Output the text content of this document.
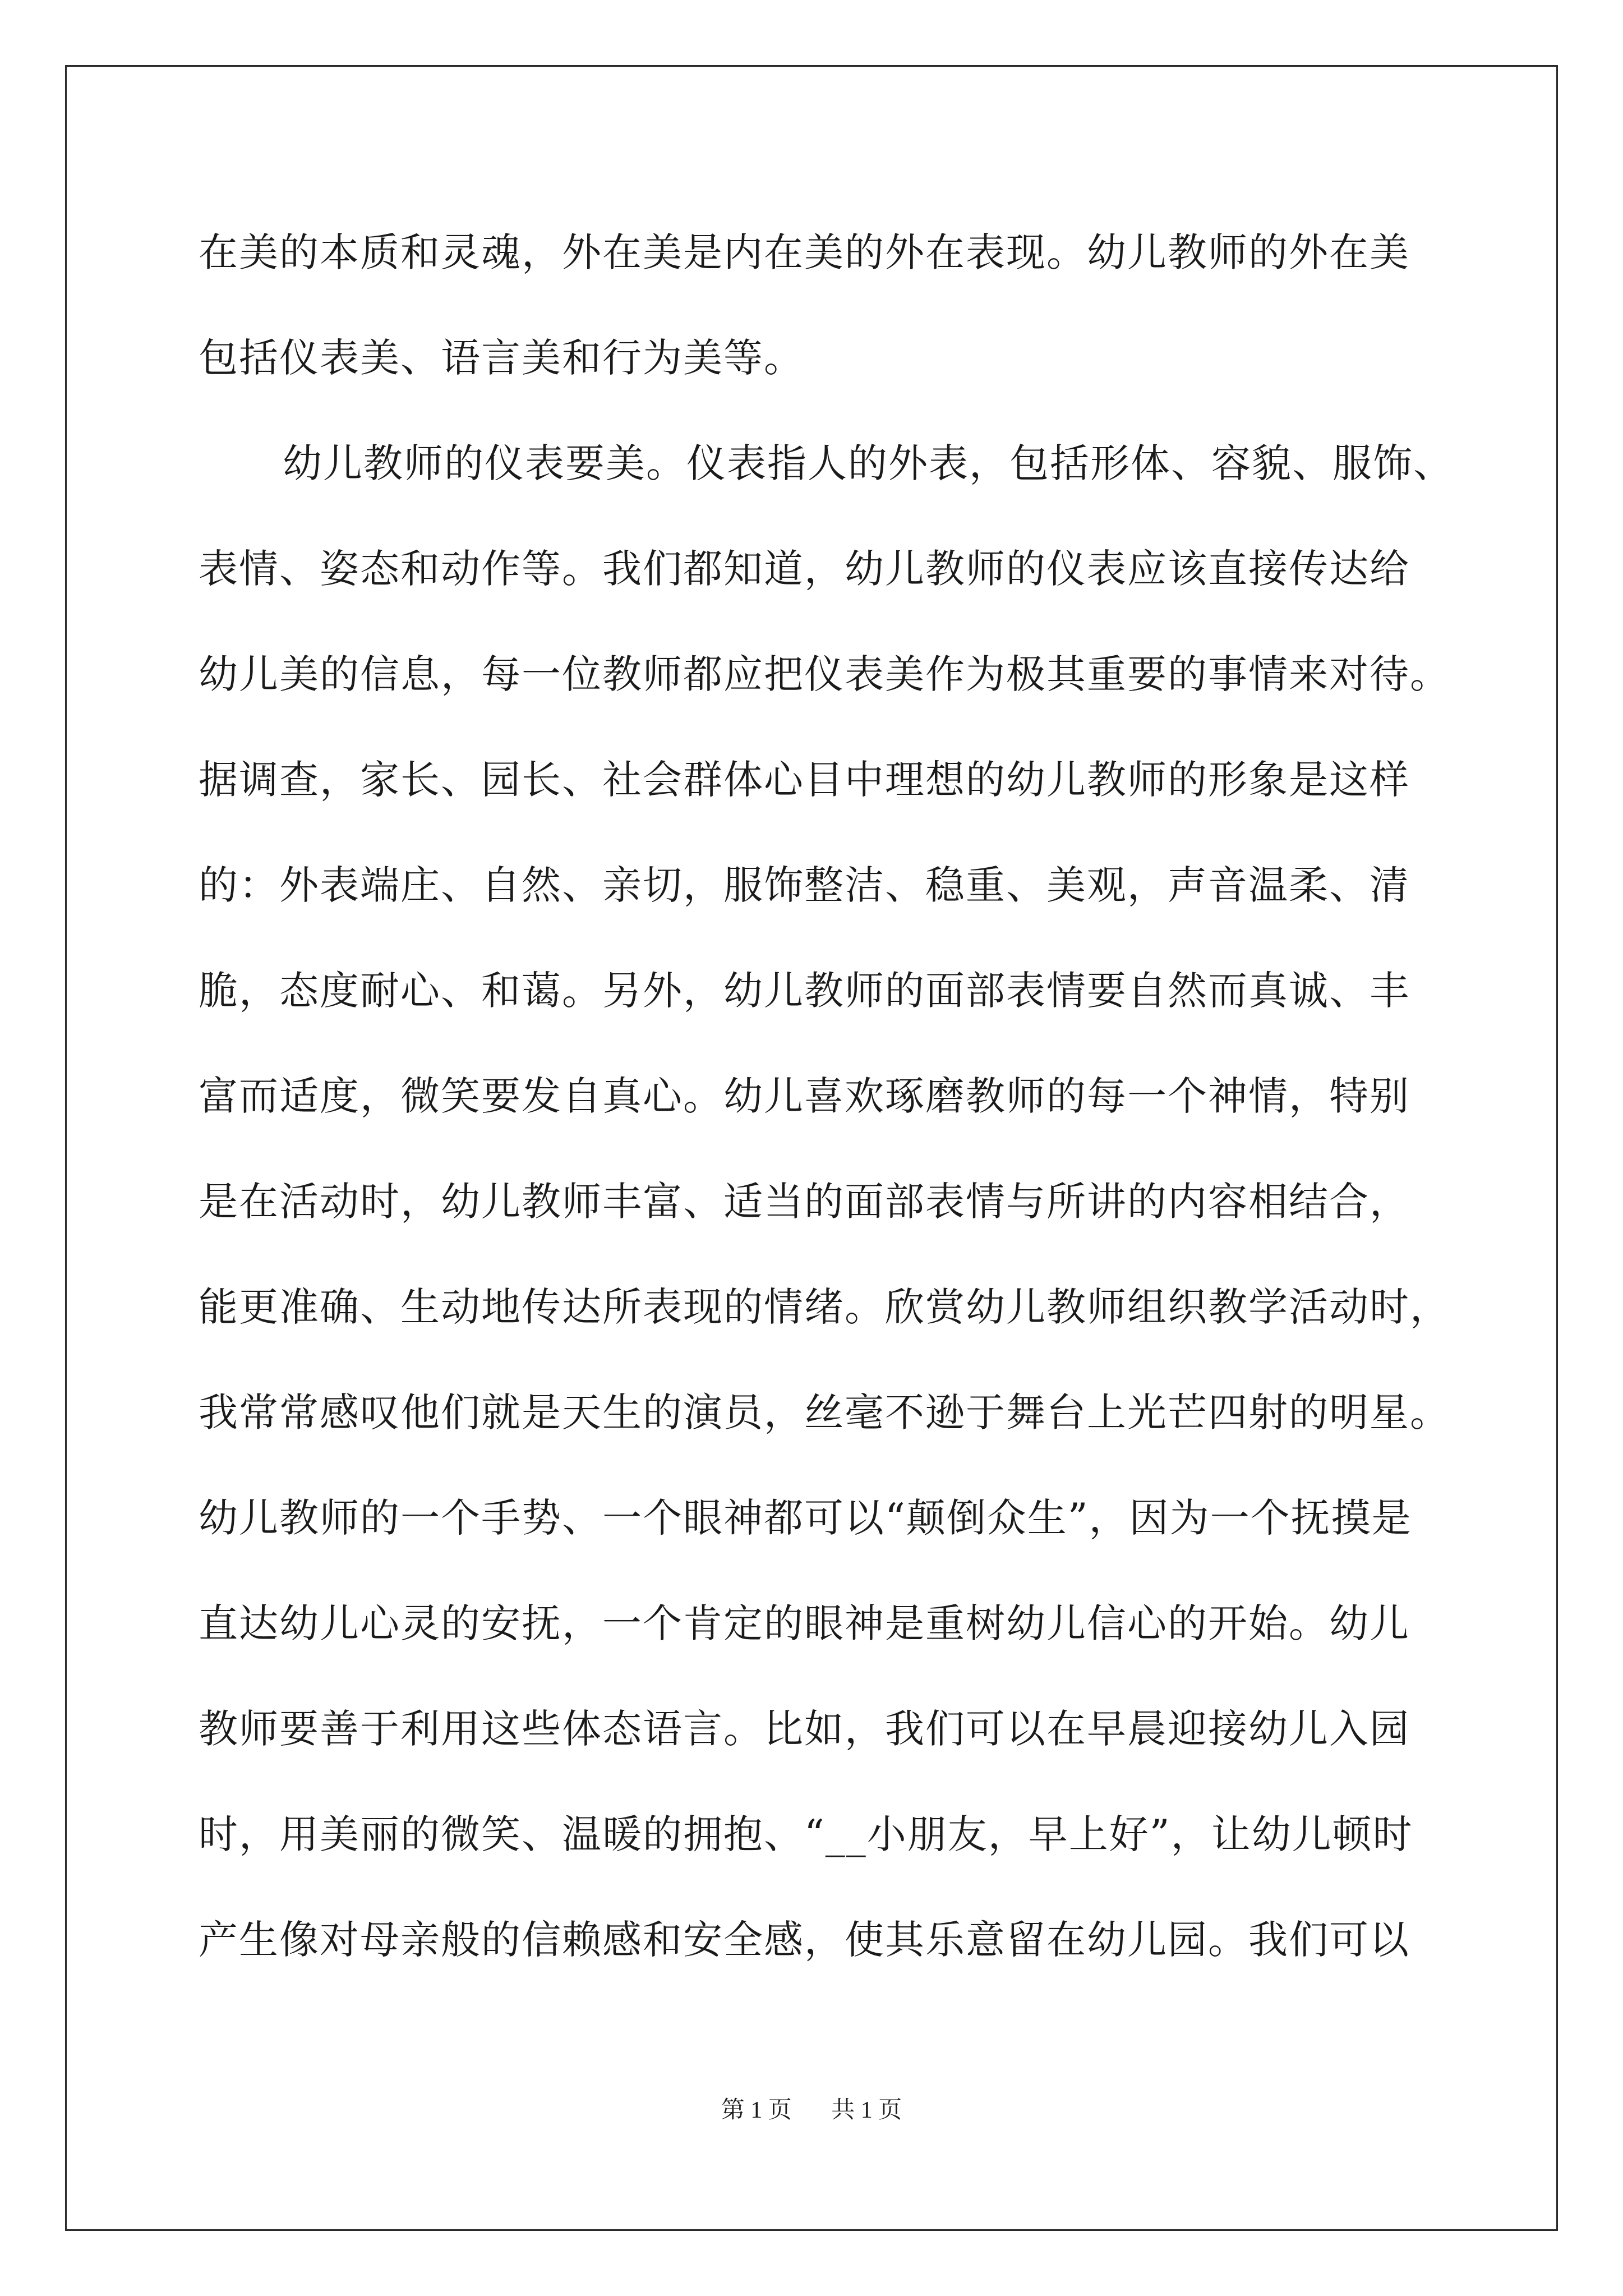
在美的本质和灵魂，外在美是内在美的外在表现。幼儿教师的外在美
包括仪表美、语言美和行为美等。
幼儿教师的仪表要美。仪表指人的外表，包括形体、容貌、服饰、
表情、姿态和动作等。我们都知道，幼儿教师的仪表应该直接传达给
幼儿美的信息，每一位教师都应把仪表美作为极其重要的事情来对待。
据调查，家长、园长、社会群体心目中理想的幼儿教师的形象是这样
的：外表端庄、自然、亲切，服饰整洁、稳重、美观，声音温柔、清
脆，态度耐心、和蔼。另外，幼儿教师的面部表情要自然而真诚、丰
富而适度，微笑要发自真心。幼儿喜欢琢磨教师的每一个神情，特别
是在活动时，幼儿教师丰富、适当的面部表情与所讲的内容相结合，
能更准确、生动地传达所表现的情绪。欣赏幼儿教师组织教学活动时，
我常常感叹他们就是天生的演员，丝毫不逊于舞台上光芒四射的明星。
幼儿教师的一个手势、一个眼神都可以“颠倒众生”，因为一个抚摸是
直达幼儿心灵的安抚，一个肯定的眼神是重树幼儿信心的开始。幼儿
教师要善于利用这些体态语言。比如，我们可以在早晨迎接幼儿入园
时，用美丽的微笑、温暖的拥抱、“__小朋友，早上好”，让幼儿顿时
产生像对母亲般的信赖感和安全感，使其乐意留在幼儿园。我们可以
第 1 页 共 1 页
